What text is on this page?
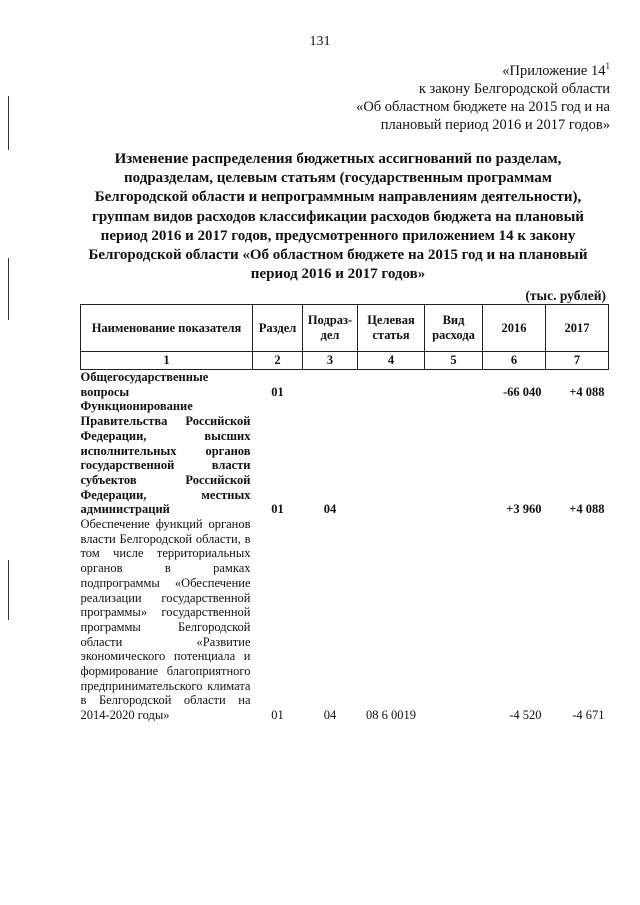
131
«Приложение $14^1$
к закону Белгородской области
«Об областном бюджете на 2015 год и на
плановый период 2016 и 2017 годов»
Изменение распределения бюджетных ассигнований по разделам, подразделам, целевым статьям (государственным программам Белгородской области и непрограммным направлениям деятельности), группам видов расходов классификации расходов бюджета на плановый период 2016 и 2017 годов, предусмотренного приложением 14 к закону Белгородской области «Об областном бюджете на 2015 год и на плановый период 2016 и 2017 годов»
(тыс. рублей)
Наименование показателя	Раздел	Подраз-дел	Целевая статья	Вид расхода	2016	2017
1	2	3	4	5	6	7
Общегосударственные вопросы	01				-66 040	+4 088
Функционирование Правительства Российской Федерации, высших исполнительных органов государственной власти субъектов Российской Федерации, местных администраций	01	04			+3 960	+4 088
Обеспечение функций органов власти Белгородской области, в том числе территориальных органов в рамках подпрограммы «Обеспечение реализации государственной программы» государственной программы Белгородской области «Развитие экономического потенциала и формирование благоприятного предпринимательского климата в Белгородской области на 2014-2020 годы»	01	04	08 6 0019		-4 520	-4 671
